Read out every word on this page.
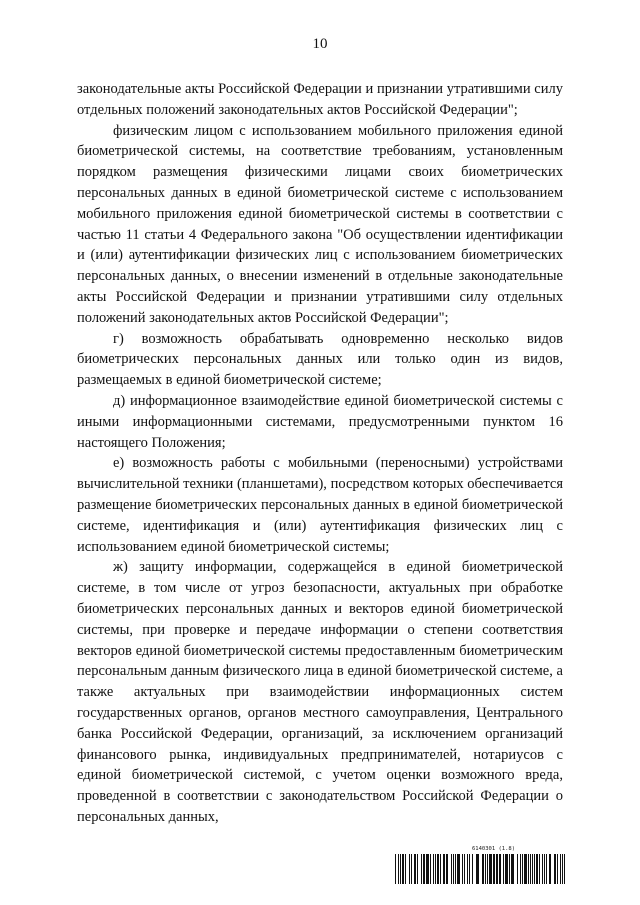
10

законодательные акты Российской Федерации и признании утратившими силу отдельных положений законодательных актов Российской Федерации";

физическим лицом с использованием мобильного приложения единой биометрической системы, на соответствие требованиям, установленным порядком размещения физическими лицами своих биометрических персональных данных в единой биометрической системе с использованием мобильного приложения единой биометрической системы в соответствии с частью 11 статьи 4 Федерального закона "Об осуществлении идентификации и (или) аутентификации физических лиц с использованием биометрических персональных данных, о внесении изменений в отдельные законодательные акты Российской Федерации и признании утратившими силу отдельных положений законодательных актов Российской Федерации";

г) возможность обрабатывать одновременно несколько видов биометрических персональных данных или только один из видов, размещаемых в единой биометрической системе;

д) информационное взаимодействие единой биометрической системы с иными информационными системами, предусмотренными пунктом 16 настоящего Положения;

е) возможность работы с мобильными (переносными) устройствами вычислительной техники (планшетами), посредством которых обеспечивается размещение биометрических персональных данных в единой биометрической системе, идентификация и (или) аутентификация физических лиц с использованием единой биометрической системы;

ж) защиту информации, содержащейся в единой биометрической системе, в том числе от угроз безопасности, актуальных при обработке биометрических персональных данных и векторов единой биометрической системы, при проверке и передаче информации о степени соответствия векторов единой биометрической системы предоставленным биометрическим персональным данным физического лица в единой биометрической системе, а также актуальных при взаимодействии информационных систем государственных органов, органов местного самоуправления, Центрального банка Российской Федерации, организаций, за исключением организаций финансового рынка, индивидуальных предпринимателей, нотариусов с единой биометрической системой, с учетом оценки возможного вреда, проведенной в соответствии с законодательством Российской Федерации о персональных данных,

6140301 (1.8)
